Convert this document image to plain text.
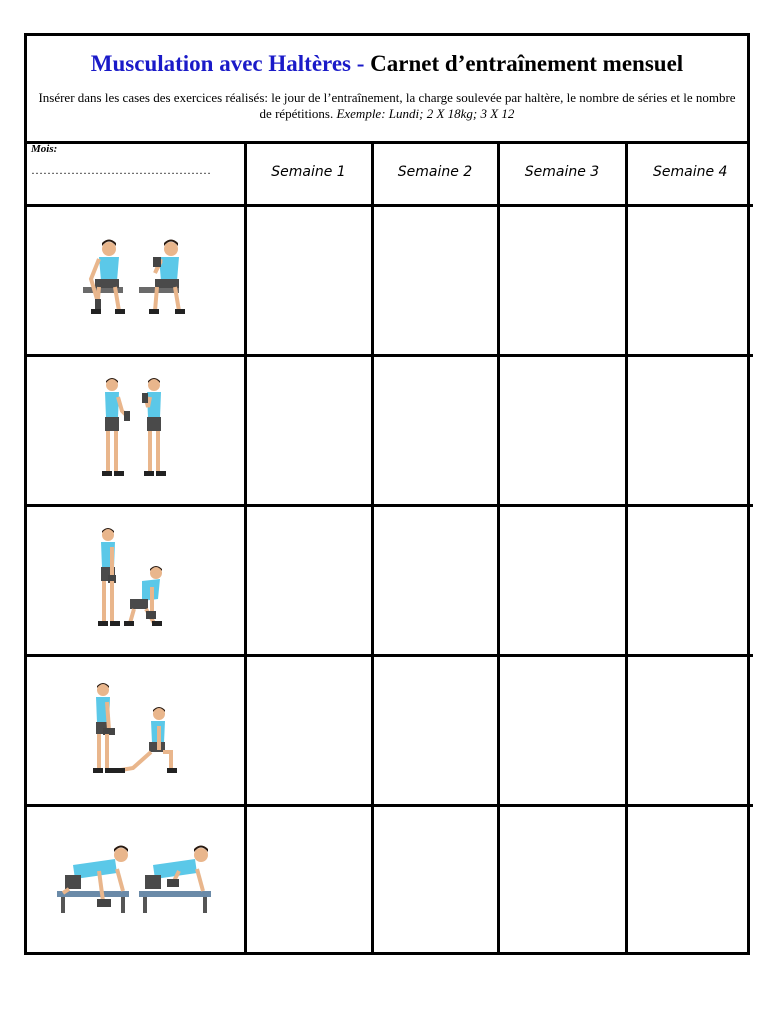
Musculation avec Haltères - Carnet d’entraînement mensuel
Insérer dans les cases des exercices réalisés: le jour de l’entraînement, la charge soulevée par haltère, le nombre de séries et le nombre de répétitions. Exemple: Lundi; 2 X 18kg; 3 X 12
Mois:
………………………………………	Semaine 1	Semaine 2	Semaine 3	Semaine 4
